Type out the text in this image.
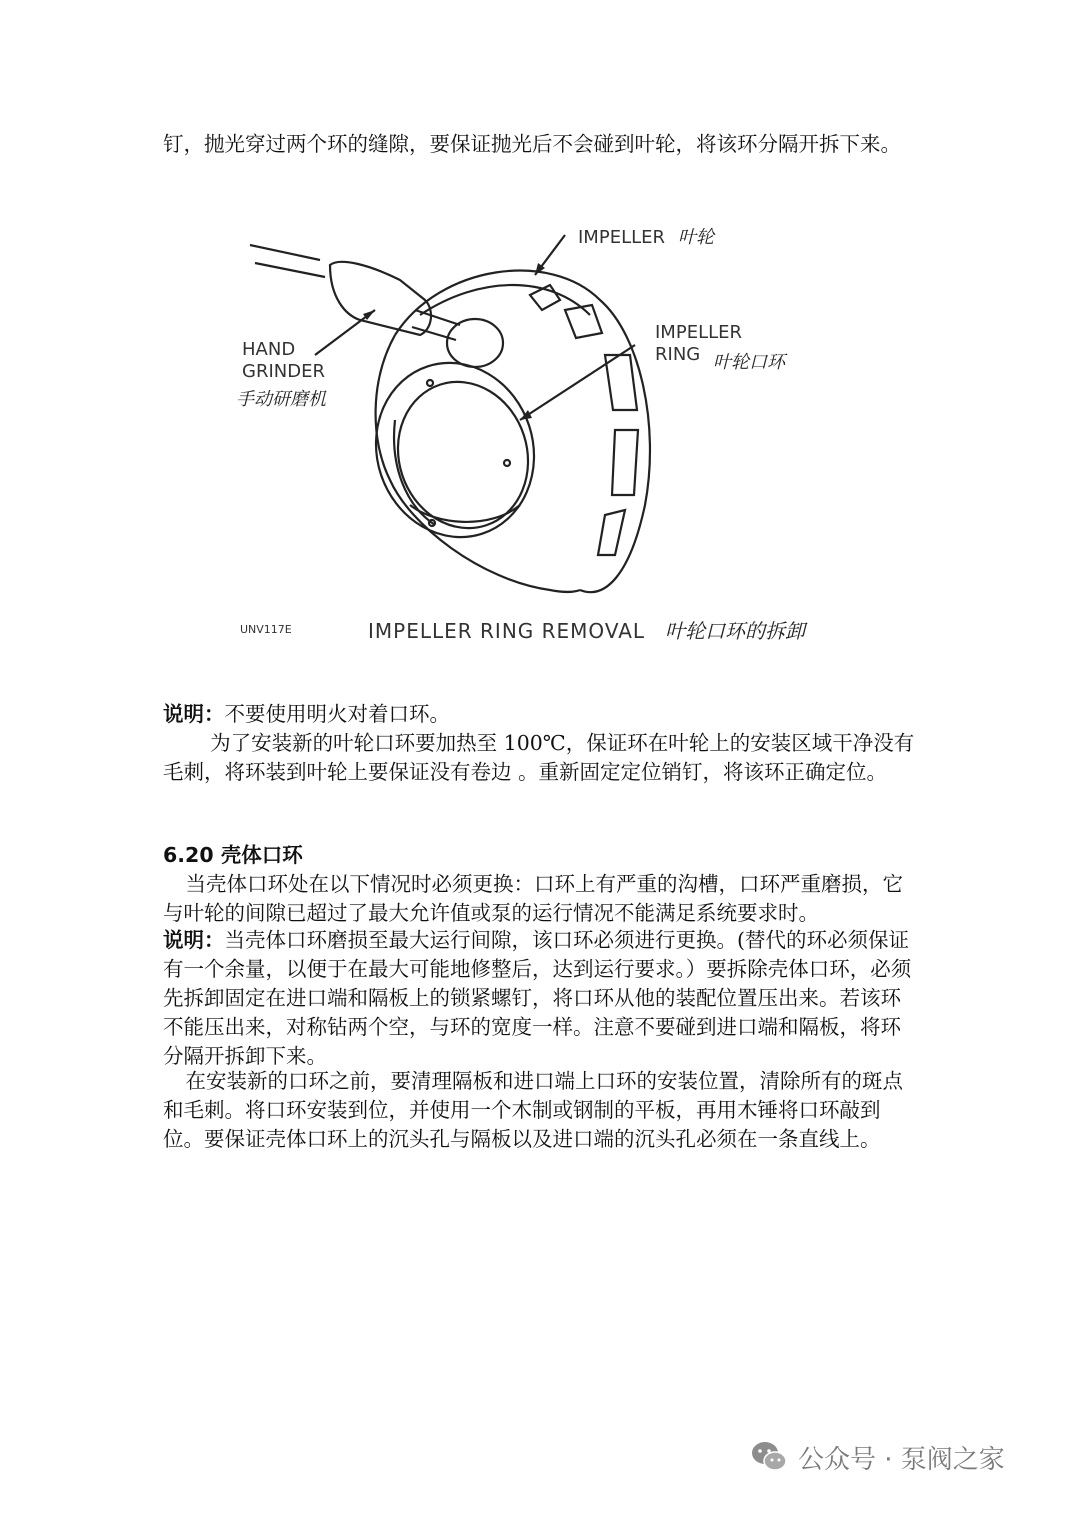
钉，抛光穿过两个环的缝隙，要保证抛光后不会碰到叶轮，将该环分隔开拆下来。
IMPELLER 叶轮
IMPELLER
RING 叶轮口环
HAND
GRINDER
手动研磨机
UNV117E	IMPELLER RING REMOVAL 叶轮口环的拆卸
说明：不要使用明火对着口环。
为了安装新的叶轮口环要加热至 100℃，保证环在叶轮上的安装区域干净没有毛刺，将环装到叶轮上要保证没有卷边 。重新固定定位销钉，将该环正确定位。
6.20 壳体口环
当壳体口环处在以下情况时必须更换：口环上有严重的沟槽，口环严重磨损，它与叶轮的间隙已超过了最大允许值或泵的运行情况不能满足系统要求时。
说明：当壳体口环磨损至最大运行间隙，该口环必须进行更换。(替代的环必须保证有一个余量，以便于在最大可能地修整后，达到运行要求。）要拆除壳体口环，必须先拆卸固定在进口端和隔板上的锁紧螺钉，将口环从他的装配位置压出来。若该环不能压出来，对称钻两个空，与环的宽度一样。注意不要碰到进口端和隔板，将环分隔开拆卸下来。
在安装新的口环之前，要清理隔板和进口端上口环的安装位置，清除所有的斑点和毛刺。将口环安装到位，并使用一个木制或钢制的平板，再用木锤将口环敲到位。要保证壳体口环上的沉头孔与隔板以及进口端的沉头孔必须在一条直线上。
公众号 · 泵阀之家
